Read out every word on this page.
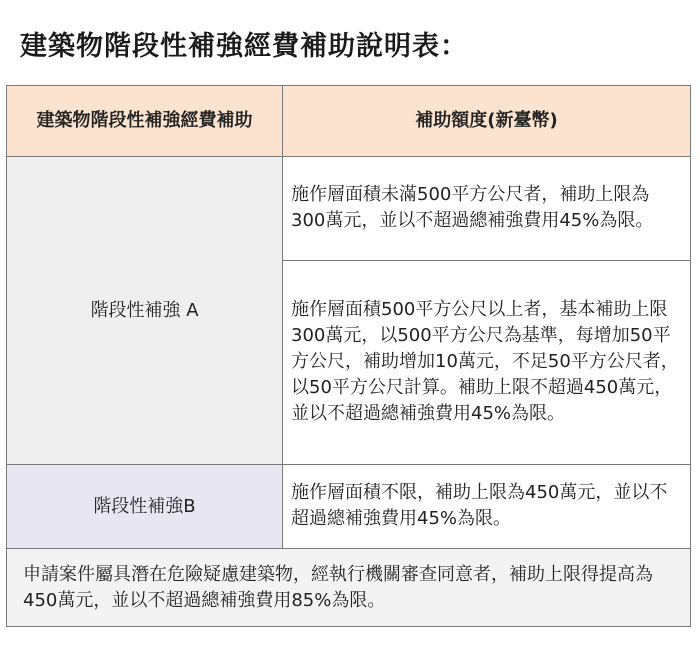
建築物階段性補強經費補助說明表：
建築物階段性補強經費補助	補助額度(新臺幣)
階段性補強 A	施作層面積未滿500平方公尺者，補助上限為300萬元，並以不超過總補強費用45%為限。
	施作層面積500平方公尺以上者，基本補助上限300萬元，以500平方公尺為基準，每增加50平方公尺，補助增加10萬元，不足50平方公尺者，以50平方公尺計算。補助上限不超過450萬元，並以不超過總補強費用45%為限。
階段性補強B	施作層面積不限，補助上限為450萬元，並以不超過總補強費用45%為限。
申請案件屬具潛在危險疑慮建築物，經執行機關審查同意者，補助上限得提高為450萬元，並以不超過總補強費用85%為限。	
